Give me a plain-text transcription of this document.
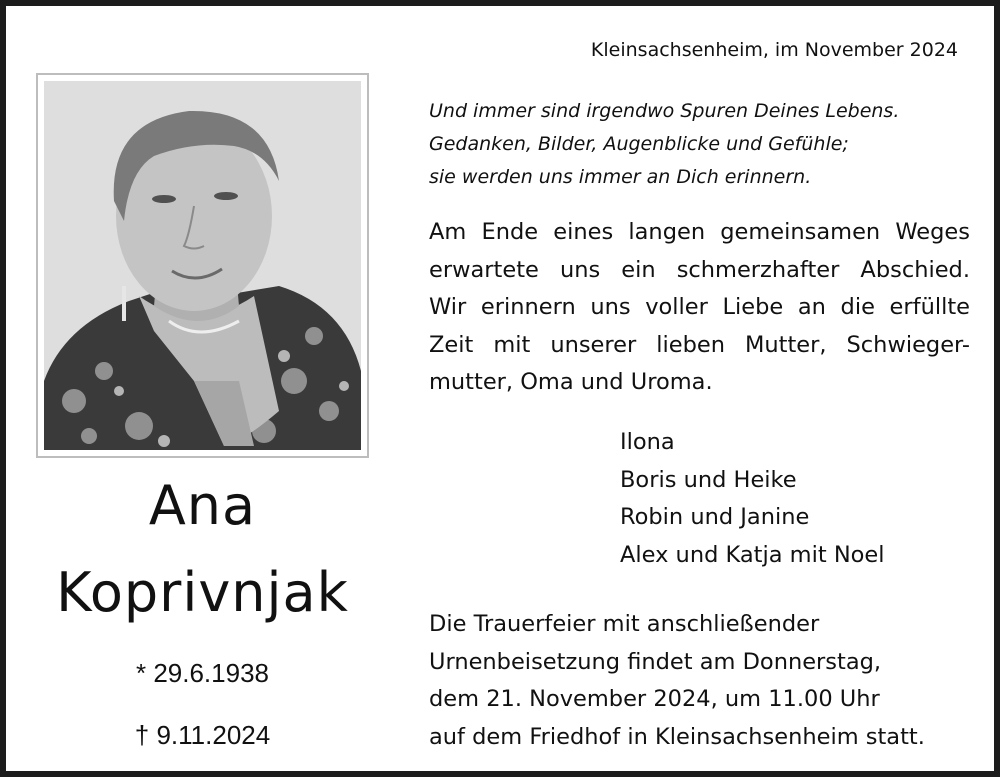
Ana
Koprivnjak
* 29.6.1938
† 9.11.2024
Kleinsachsenheim, im November 2024
Und immer sind irgendwo Spuren Deines Lebens.
Gedanken, Bilder, Augenblicke und Gefühle;
sie werden uns immer an Dich erinnern.
Am Ende eines langen gemeinsamen Weges
erwartete uns ein schmerzhafter Abschied.
Wir erinnern uns voller Liebe an die erfüllte
Zeit mit unserer lieben Mutter, Schwieger-
mutter, Oma und Uroma.
Ilona
Boris und Heike
Robin und Janine
Alex und Katja mit Noel
Die Trauerfeier mit anschließender
Urnenbeisetzung findet am Donnerstag,
dem 21. November 2024, um 11.00 Uhr
auf dem Friedhof in Kleinsachsenheim statt.
